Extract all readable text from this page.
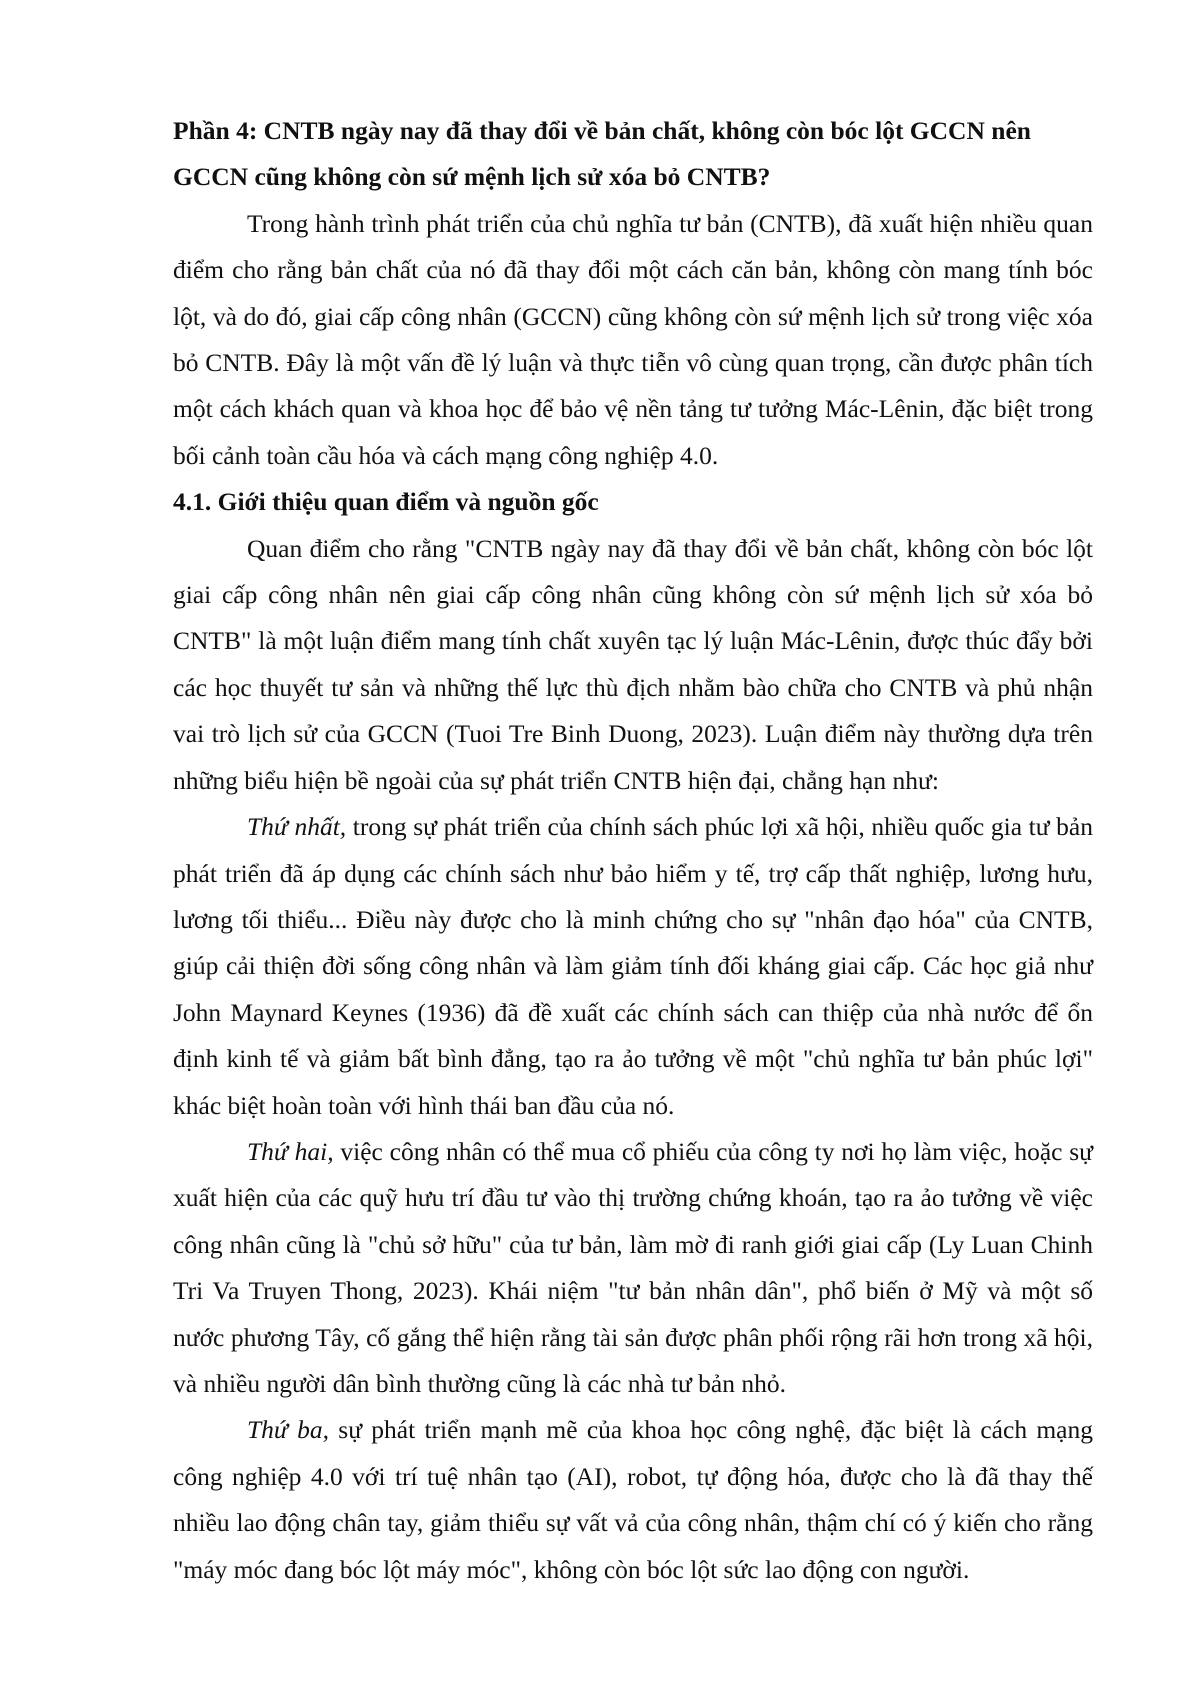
Phần 4: CNTB ngày nay đã thay đổi về bản chất, không còn bóc lột GCCN nên GCCN cũng không còn sứ mệnh lịch sử xóa bỏ CNTB?

Trong hành trình phát triển của chủ nghĩa tư bản (CNTB), đã xuất hiện nhiều quan điểm cho rằng bản chất của nó đã thay đổi một cách căn bản, không còn mang tính bóc lột, và do đó, giai cấp công nhân (GCCN) cũng không còn sứ mệnh lịch sử trong việc xóa bỏ CNTB. Đây là một vấn đề lý luận và thực tiễn vô cùng quan trọng, cần được phân tích một cách khách quan và khoa học để bảo vệ nền tảng tư tưởng Mác-Lênin, đặc biệt trong bối cảnh toàn cầu hóa và cách mạng công nghiệp 4.0.

4.1. Giới thiệu quan điểm và nguồn gốc

Quan điểm cho rằng "CNTB ngày nay đã thay đổi về bản chất, không còn bóc lột giai cấp công nhân nên giai cấp công nhân cũng không còn sứ mệnh lịch sử xóa bỏ CNTB" là một luận điểm mang tính chất xuyên tạc lý luận Mác-Lênin, được thúc đẩy bởi các học thuyết tư sản và những thế lực thù địch nhằm bào chữa cho CNTB và phủ nhận vai trò lịch sử của GCCN (Tuoi Tre Binh Duong, 2023). Luận điểm này thường dựa trên những biểu hiện bề ngoài của sự phát triển CNTB hiện đại, chẳng hạn như:

Thứ nhất, trong sự phát triển của chính sách phúc lợi xã hội, nhiều quốc gia tư bản phát triển đã áp dụng các chính sách như bảo hiểm y tế, trợ cấp thất nghiệp, lương hưu, lương tối thiểu... Điều này được cho là minh chứng cho sự "nhân đạo hóa" của CNTB, giúp cải thiện đời sống công nhân và làm giảm tính đối kháng giai cấp. Các học giả như John Maynard Keynes (1936) đã đề xuất các chính sách can thiệp của nhà nước để ổn định kinh tế và giảm bất bình đẳng, tạo ra ảo tưởng về một "chủ nghĩa tư bản phúc lợi" khác biệt hoàn toàn với hình thái ban đầu của nó.

Thứ hai, việc công nhân có thể mua cổ phiếu của công ty nơi họ làm việc, hoặc sự xuất hiện của các quỹ hưu trí đầu tư vào thị trường chứng khoán, tạo ra ảo tưởng về việc công nhân cũng là "chủ sở hữu" của tư bản, làm mờ đi ranh giới giai cấp (Ly Luan Chinh Tri Va Truyen Thong, 2023). Khái niệm "tư bản nhân dân", phổ biến ở Mỹ và một số nước phương Tây, cố gắng thể hiện rằng tài sản được phân phối rộng rãi hơn trong xã hội, và nhiều người dân bình thường cũng là các nhà tư bản nhỏ.

Thứ ba, sự phát triển mạnh mẽ của khoa học công nghệ, đặc biệt là cách mạng công nghiệp 4.0 với trí tuệ nhân tạo (AI), robot, tự động hóa, được cho là đã thay thế nhiều lao động chân tay, giảm thiểu sự vất vả của công nhân, thậm chí có ý kiến cho rằng "máy móc đang bóc lột máy móc", không còn bóc lột sức lao động con người.
